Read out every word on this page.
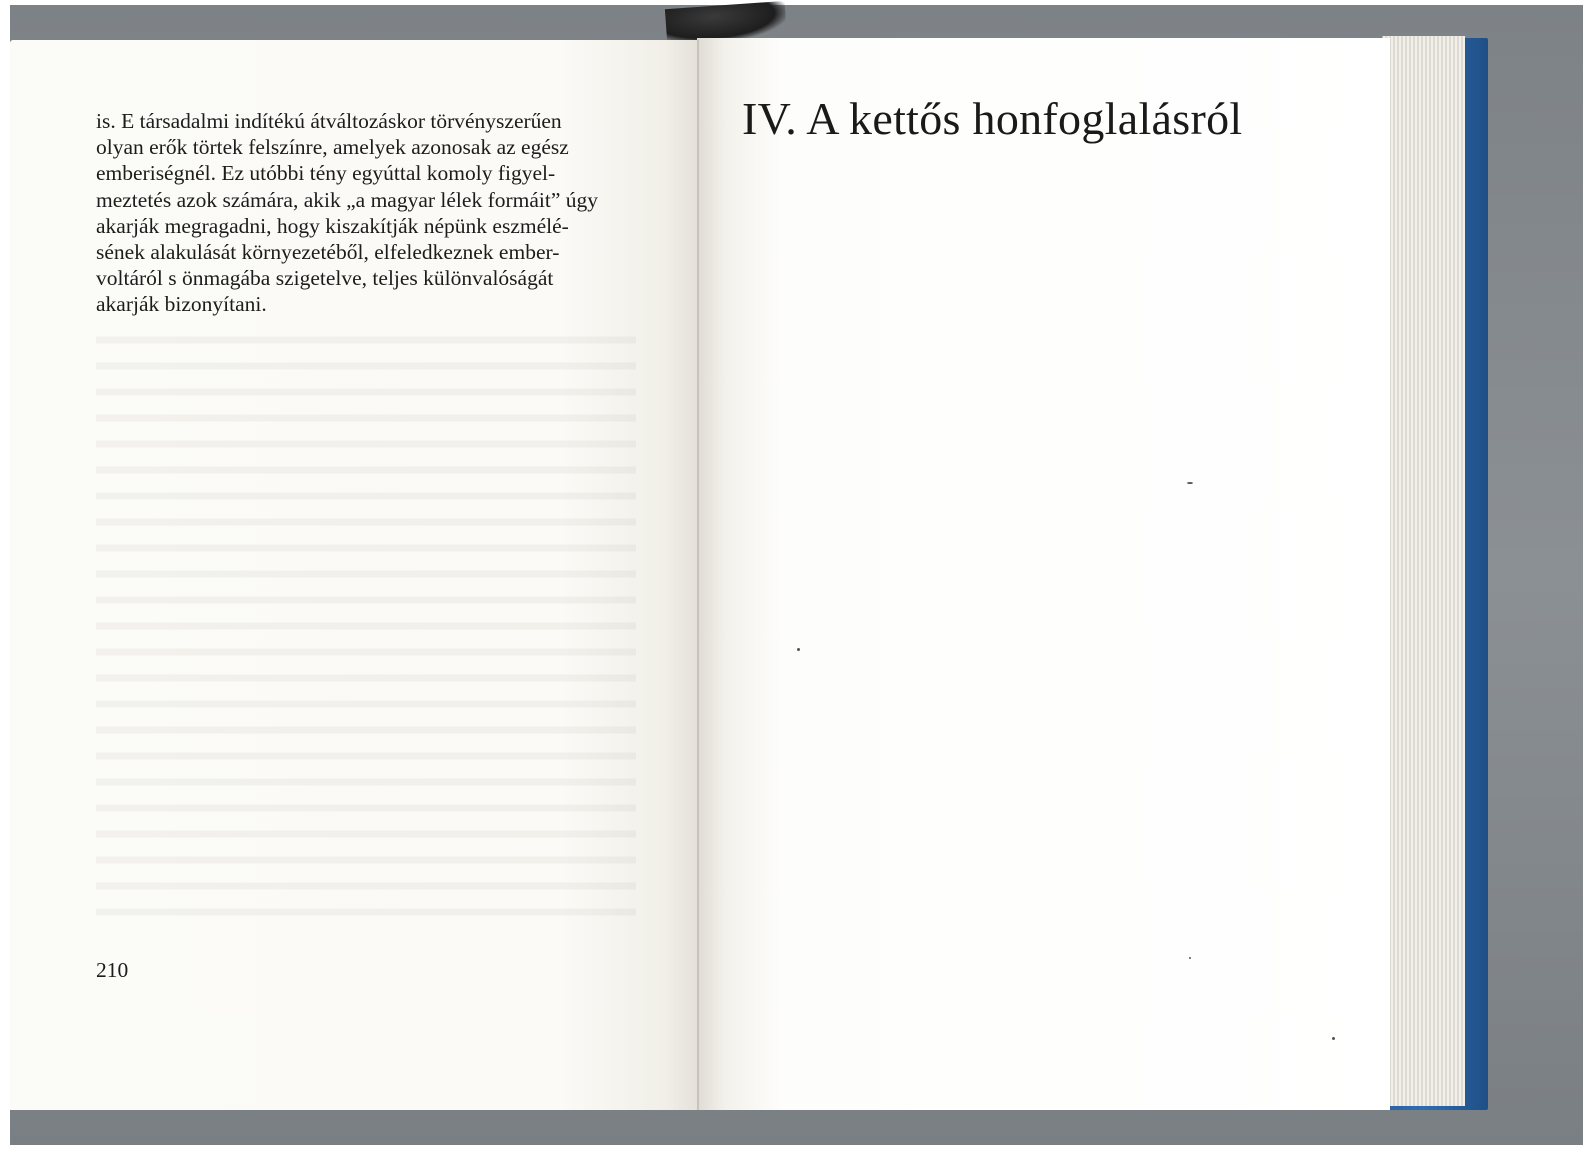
is. E társadalmi indítékú átváltozáskor törvényszerűen
olyan erők törtek felszínre, amelyek azonosak az egész
emberiségnél. Ez utóbbi tény egyúttal komoly figyel-
meztetés azok számára, akik „a magyar lélek formáit” úgy
akarják megragadni, hogy kiszakítják népünk eszmélé-
sének alakulását környezetéből, elfeledkeznek ember-
voltáról s önmagába szigetelve, teljes különvalóságát
akarják bizonyítani.

210

IV. A kettős honfoglalásról
